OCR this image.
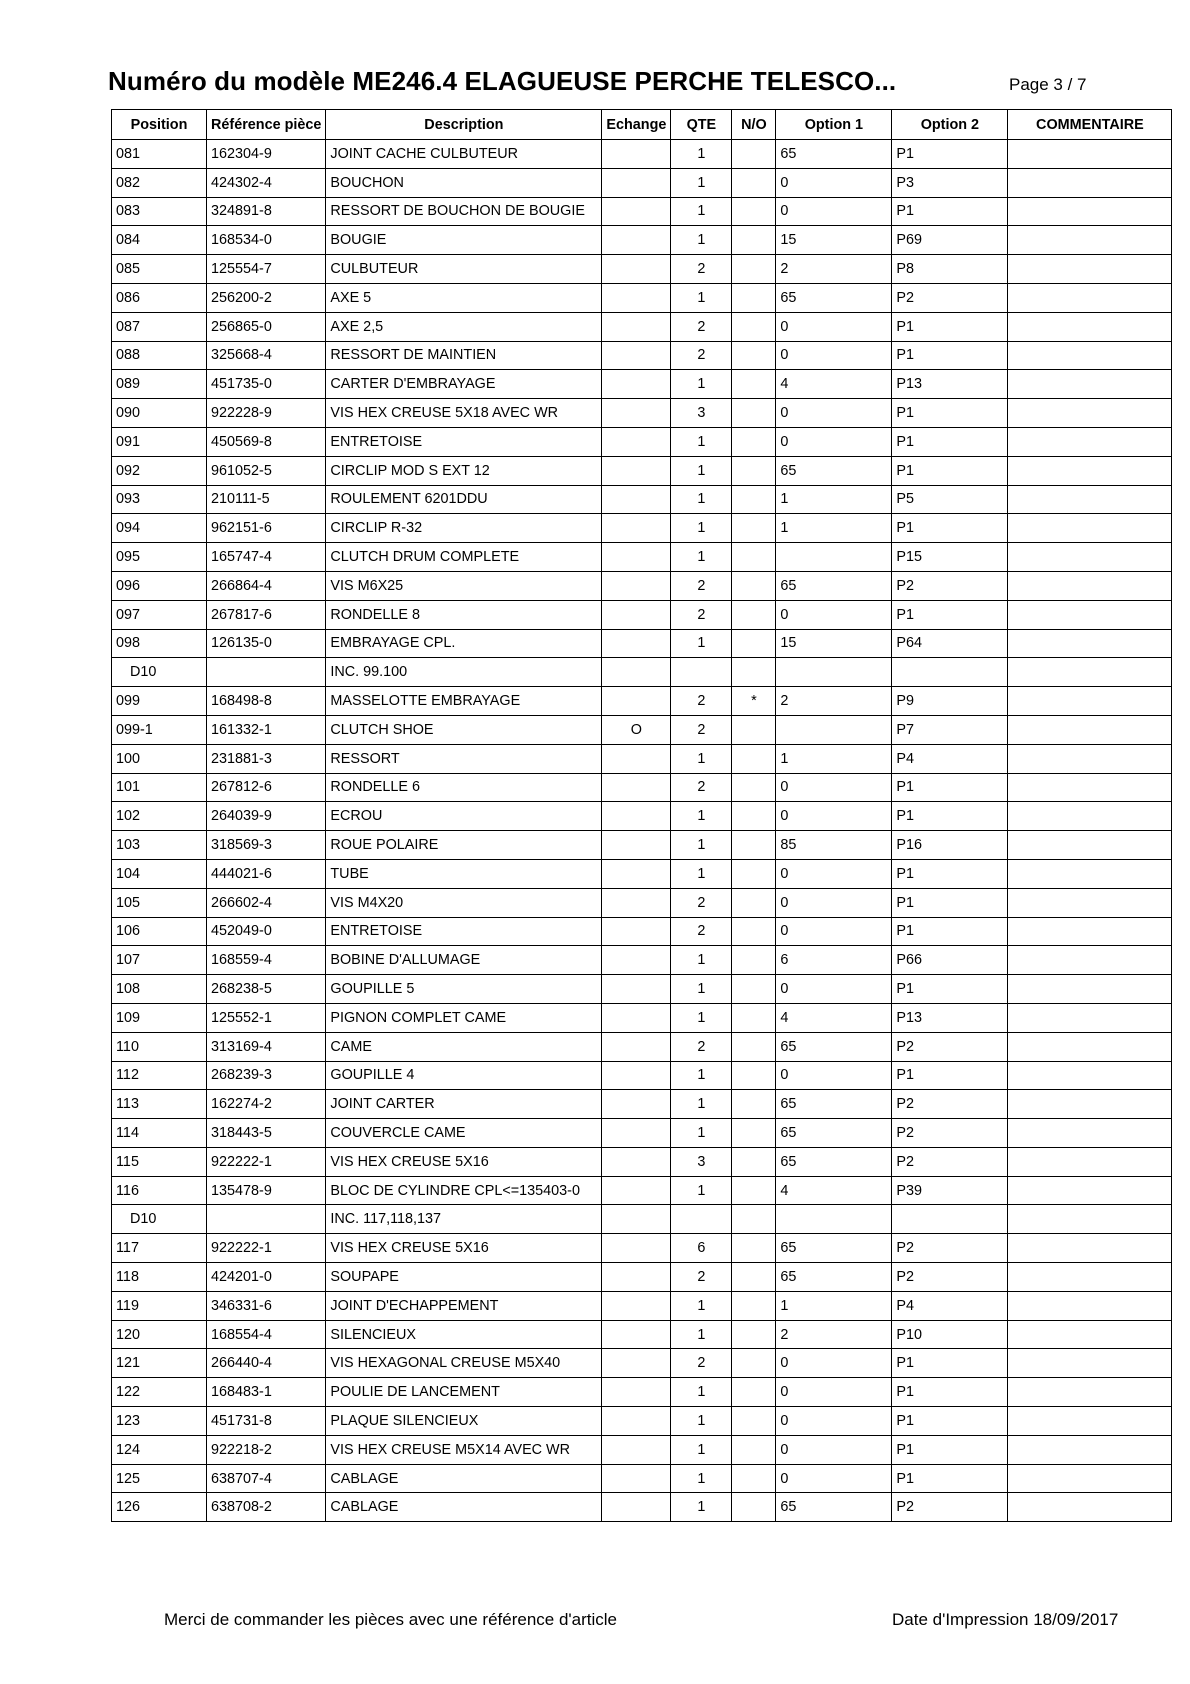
Numéro du modèle ME246.4 ELAGUEUSE PERCHE TELESCO...	Page 3 / 7
Position	Référence pièce	Description	Echange	QTE	N/O	Option 1	Option 2	COMMENTAIRE
081	162304-9	JOINT CACHE CULBUTEUR		1		65	P1	
082	424302-4	BOUCHON		1		0	P3	
083	324891-8	RESSORT DE BOUCHON DE BOUGIE		1		0	P1	
084	168534-0	BOUGIE		1		15	P69	
085	125554-7	CULBUTEUR		2		2	P8	
086	256200-2	AXE 5		1		65	P2	
087	256865-0	AXE 2,5		2		0	P1	
088	325668-4	RESSORT DE MAINTIEN		2		0	P1	
089	451735-0	CARTER D'EMBRAYAGE		1		4	P13	
090	922228-9	VIS HEX CREUSE 5X18 AVEC WR		3		0	P1	
091	450569-8	ENTRETOISE		1		0	P1	
092	961052-5	CIRCLIP MOD S EXT 12		1		65	P1	
093	210111-5	ROULEMENT 6201DDU		1		1	P5	
094	962151-6	CIRCLIP R-32		1		1	P1	
095	165747-4	CLUTCH DRUM COMPLETE		1			P15	
096	266864-4	VIS M6X25		2		65	P2	
097	267817-6	RONDELLE 8		2		0	P1	
098	126135-0	EMBRAYAGE CPL.		1		15	P64	
D10		INC. 99.100						
099	168498-8	MASSELOTTE EMBRAYAGE		2	*	2	P9	
099-1	161332-1	CLUTCH SHOE	O	2			P7	
100	231881-3	RESSORT		1		1	P4	
101	267812-6	RONDELLE 6		2		0	P1	
102	264039-9	ECROU		1		0	P1	
103	318569-3	ROUE POLAIRE		1		85	P16	
104	444021-6	TUBE		1		0	P1	
105	266602-4	VIS M4X20		2		0	P1	
106	452049-0	ENTRETOISE		2		0	P1	
107	168559-4	BOBINE D'ALLUMAGE		1		6	P66	
108	268238-5	GOUPILLE 5		1		0	P1	
109	125552-1	PIGNON COMPLET CAME		1		4	P13	
110	313169-4	CAME		2		65	P2	
112	268239-3	GOUPILLE 4		1		0	P1	
113	162274-2	JOINT CARTER		1		65	P2	
114	318443-5	COUVERCLE CAME		1		65	P2	
115	922222-1	VIS HEX CREUSE 5X16		3		65	P2	
116	135478-9	BLOC DE CYLINDRE CPL<=135403-0		1		4	P39	
D10		INC. 117,118,137						
117	922222-1	VIS HEX CREUSE 5X16		6		65	P2	
118	424201-0	SOUPAPE		2		65	P2	
119	346331-6	JOINT D'ECHAPPEMENT		1		1	P4	
120	168554-4	SILENCIEUX		1		2	P10	
121	266440-4	VIS HEXAGONAL CREUSE M5X40		2		0	P1	
122	168483-1	POULIE DE LANCEMENT		1		0	P1	
123	451731-8	PLAQUE SILENCIEUX		1		0	P1	
124	922218-2	VIS HEX CREUSE M5X14 AVEC WR		1		0	P1	
125	638707-4	CABLAGE		1		0	P1	
126	638708-2	CABLAGE		1		65	P2	
Merci de commander les pièces avec une référence d'article	Date d'Impression 18/09/2017
